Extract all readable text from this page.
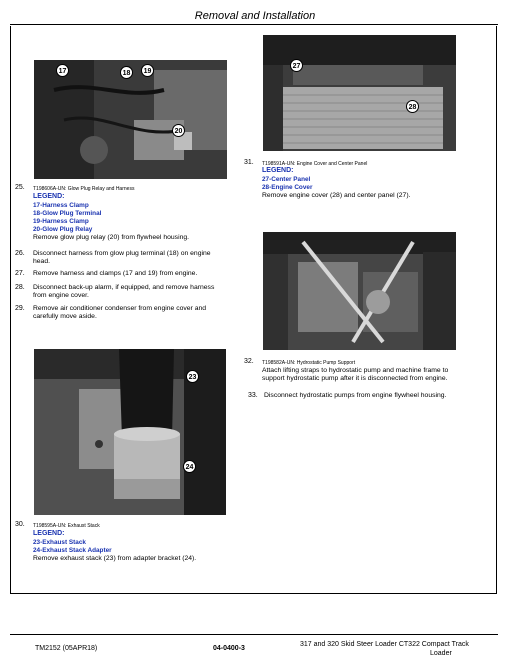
Removal and Installation
17	18	19
20
25. T198606A-UN: Glow Plug Relay and Harness
LEGEND:
17-Harness Clamp
18-Glow Plug Terminal
19-Harness Clamp
20-Glow Plug Relay
Remove glow plug relay (20) from flywheel housing.
26. Disconnect harness from glow plug terminal (18) on engine
head.
27. Remove harness and clamps (17 and 19) from engine.
28. Disconnect back-up alarm, if equipped, and remove harness
from engine cover.
29. Remove air conditioner condenser from engine cover and
carefully move aside.
23
24
30. T198595A-UN: Exhaust Stack
LEGEND:
23-Exhaust Stack
24-Exhaust Stack Adapter
Remove exhaust stack (23) from adapter bracket (24).
27
28
31. T198591A-UN: Engine Cover and Center Panel
LEGEND:
27-Center Panel
28-Engine Cover
Remove engine cover (28) and center panel (27).
32. T198582A-UN: Hydrostatic Pump Support
Attach lifting straps to hydrostatic pump and machine frame to
support hydrostatic pump after it is disconnected from engine.
33. Disconnect hydrostatic pumps from engine flywheel housing.
TM2152 (05APR18)	04-0400-3
317 and 320 Skid Steer Loader CT322 Compact Track
Loader
